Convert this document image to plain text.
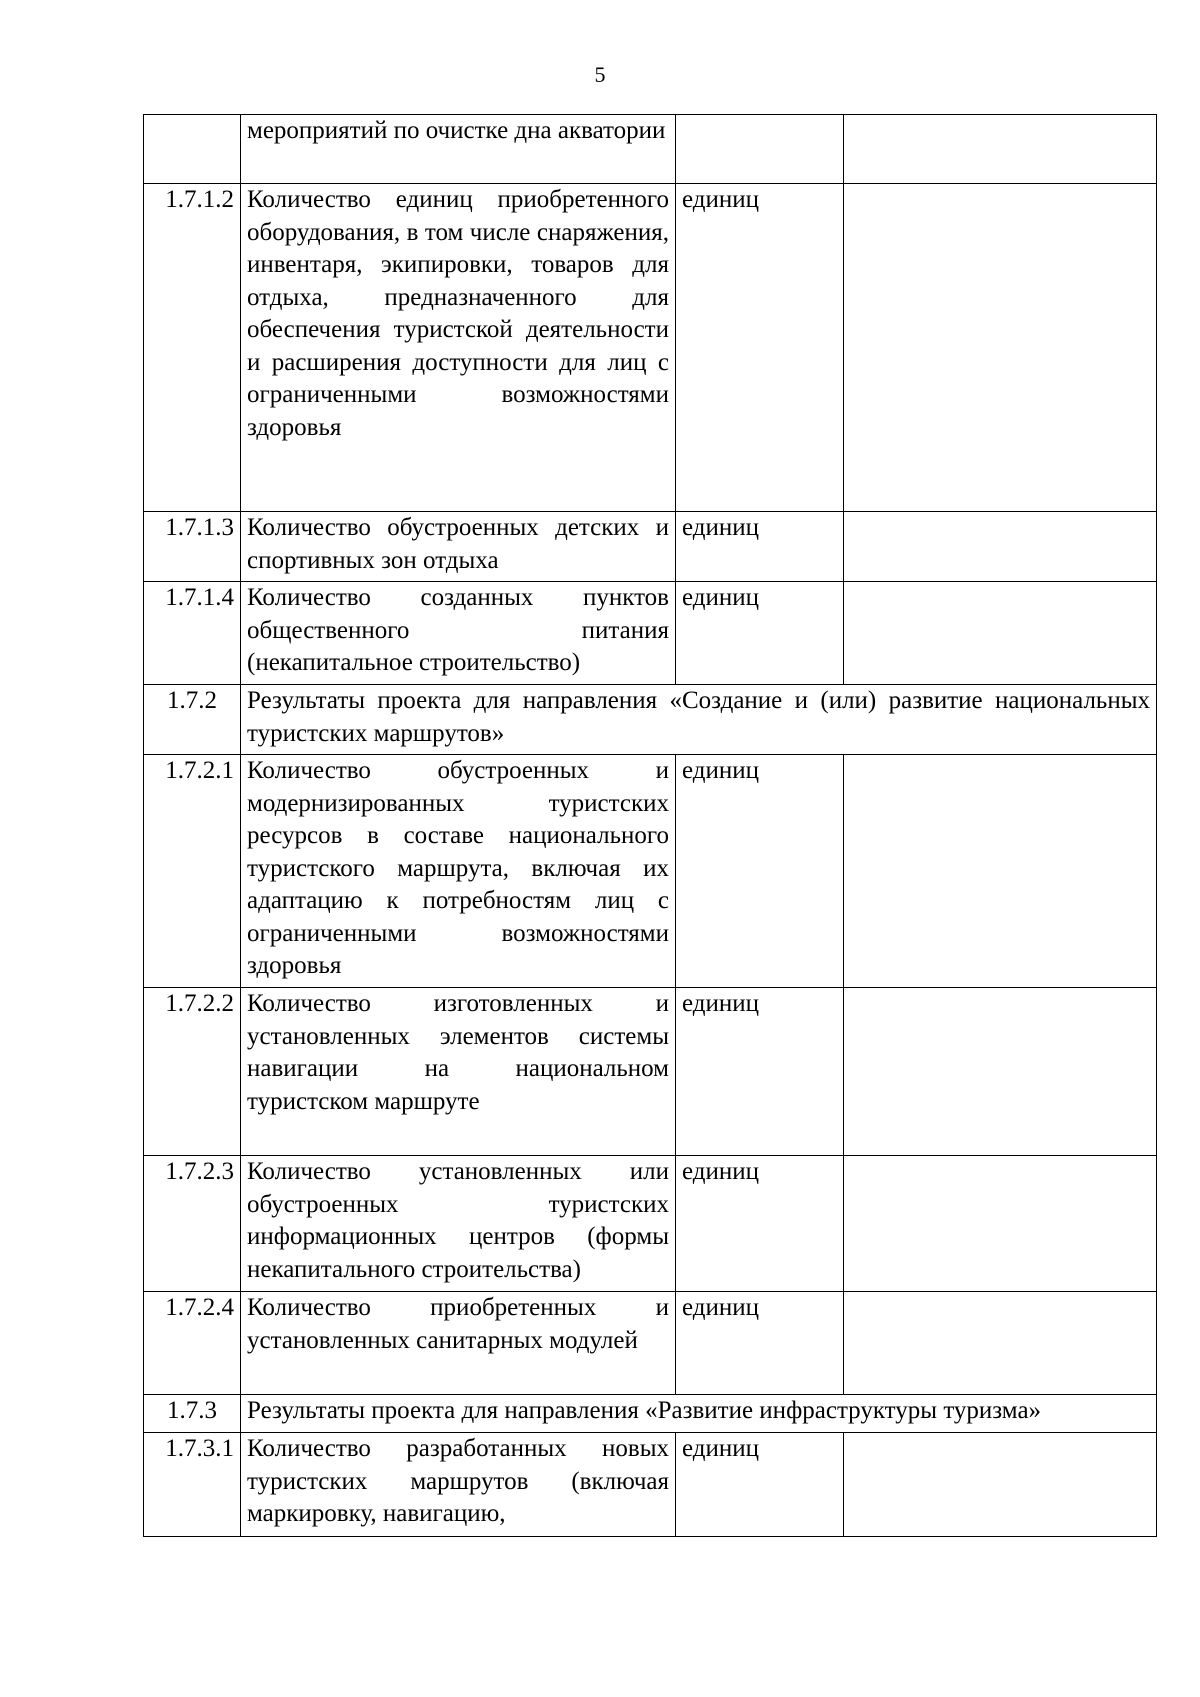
5
	мероприятий по очистке дна акватории		
1.7.1.2	Количество единиц приобретенного оборудования, в том числе снаряжения, инвентаря, экипировки, товаров для отдыха, предназначенного для обеспечения туристской деятельности и расширения доступности для лиц с ограниченными возможностями здоровья	единиц	
1.7.1.3	Количество обустроенных детских и спортивных зон отдыха	единиц	
1.7.1.4	Количество созданных пунктов общественного питания (некапитальное строительство)	единиц	
1.7.2	Результаты проекта для направления «Создание и (или) развитие национальных туристских маршрутов»		
1.7.2.1	Количество обустроенных и модернизированных туристских ресурсов в составе национального туристского маршрута, включая их адаптацию к потребностям лиц с ограниченными возможностями здоровья	единиц	
1.7.2.2	Количество изготовленных и установленных элементов системы навигации на национальном туристском маршруте	единиц	
1.7.2.3	Количество установленных или обустроенных туристских информационных центров (формы некапитального строительства)	единиц	
1.7.2.4	Количество приобретенных и установленных санитарных модулей	единиц	
1.7.3	Результаты проекта для направления «Развитие инфраструктуры туризма»		
1.7.3.1	Количество разработанных новых туристских маршрутов (включая маркировку, навигацию,	единиц	
